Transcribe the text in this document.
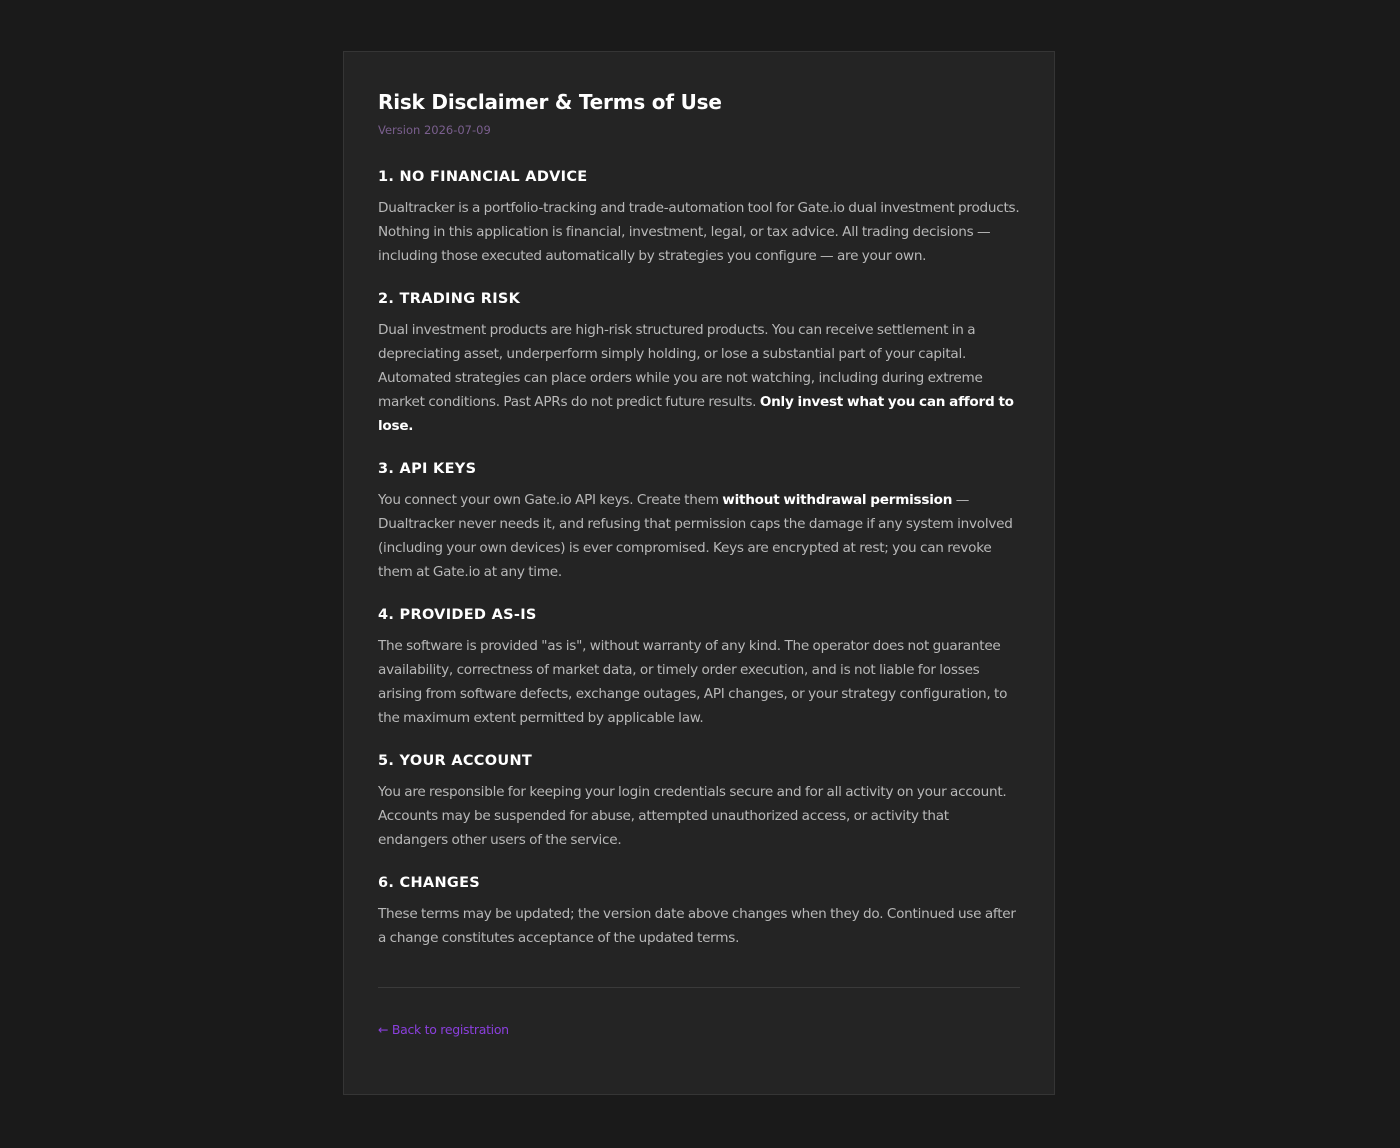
Risk Disclaimer & Terms of Use
Version 2026-07-09
1. NO FINANCIAL ADVICE

Dualtracker is a portfolio-tracking and trade-automation tool for Gate.io dual investment products. Nothing in this application is financial, investment, legal, or tax advice. All trading decisions — including those executed automatically by strategies you configure — are your own.

2. TRADING RISK

Dual investment products are high-risk structured products. You can receive settlement in a depreciating asset, underperform simply holding, or lose a substantial part of your capital. Automated strategies can place orders while you are not watching, including during extreme market conditions. Past APRs do not predict future results. Only invest what you can afford to lose.

3. API KEYS

You connect your own Gate.io API keys. Create them without withdrawal permission — Dualtracker never needs it, and refusing that permission caps the damage if any system involved (including your own devices) is ever compromised. Keys are encrypted at rest; you can revoke them at Gate.io at any time.

4. PROVIDED AS-IS

The software is provided "as is", without warranty of any kind. The operator does not guarantee availability, correctness of market data, or timely order execution, and is not liable for losses arising from software defects, exchange outages, API changes, or your strategy configuration, to the maximum extent permitted by applicable law.

5. YOUR ACCOUNT

You are responsible for keeping your login credentials secure and for all activity on your account. Accounts may be suspended for abuse, attempted unauthorized access, or activity that endangers other users of the service.

6. CHANGES

These terms may be updated; the version date above changes when they do. Continued use after a change constitutes acceptance of the updated terms.

← Back to registration
